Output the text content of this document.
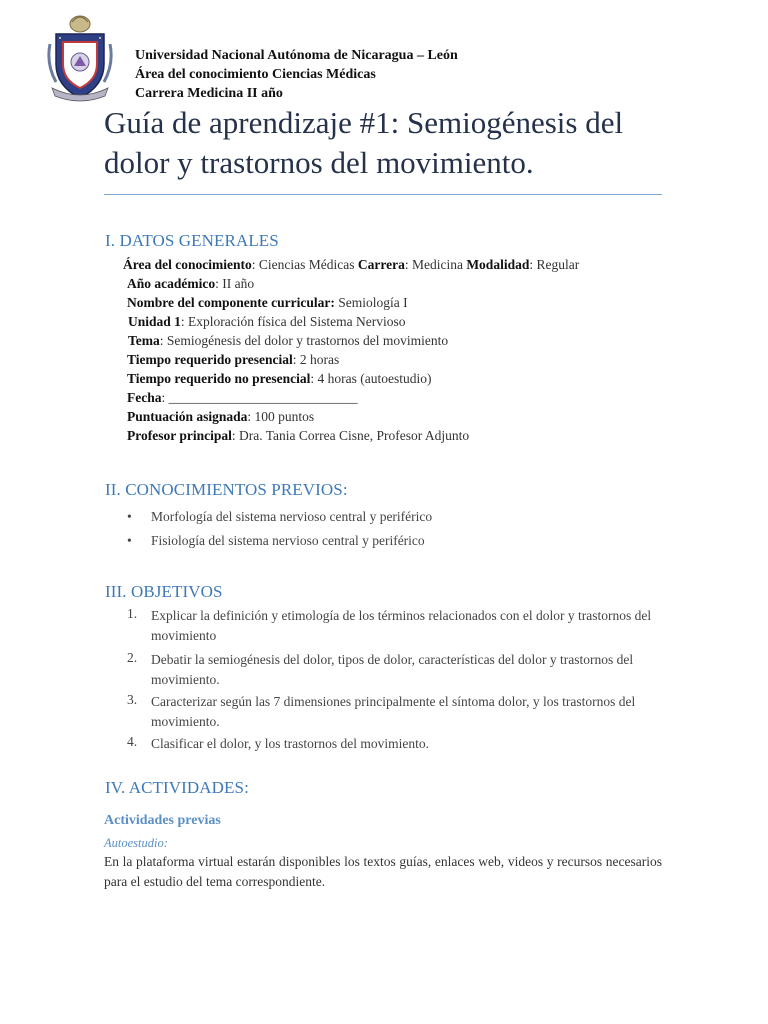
Universidad Nacional Autónoma de Nicaragua – León
Área del conocimiento Ciencias Médicas
Carrera Medicina II año
Guía de aprendizaje #1: Semiogénesis del
dolor y trastornos del movimiento.
I. DATOS GENERALES
Área del conocimiento: Ciencias Médicas Carrera: Medicina Modalidad: Regular
Año académico: II año
Nombre del componente curricular: Semiología I
Unidad 1: Exploración física del Sistema Nervioso
Tema: Semiogénesis del dolor y trastornos del movimiento
Tiempo requerido presencial: 2 horas
Tiempo requerido no presencial: 4 horas (autoestudio)
Fecha: ____________________________
Puntuación asignada: 100 puntos
Profesor principal: Dra. Tania Correa Cisne, Profesor Adjunto
II. CONOCIMIENTOS PREVIOS:
• Morfología del sistema nervioso central y periférico
• Fisiología del sistema nervioso central y periférico
III. OBJETIVOS
1. Explicar la definición y etimología de los términos relacionados con el dolor y trastornos del movimiento
2. Debatir la semiogénesis del dolor, tipos de dolor, características del dolor y trastornos del movimiento.
3. Caracterizar según las 7 dimensiones principalmente el síntoma dolor, y los trastornos del movimiento.
4. Clasificar el dolor, y los trastornos del movimiento.
IV. ACTIVIDADES:
Actividades previas
Autoestudio:
En la plataforma virtual estarán disponibles los textos guías, enlaces web, videos y recursos necesarios para el estudio del tema correspondiente.
